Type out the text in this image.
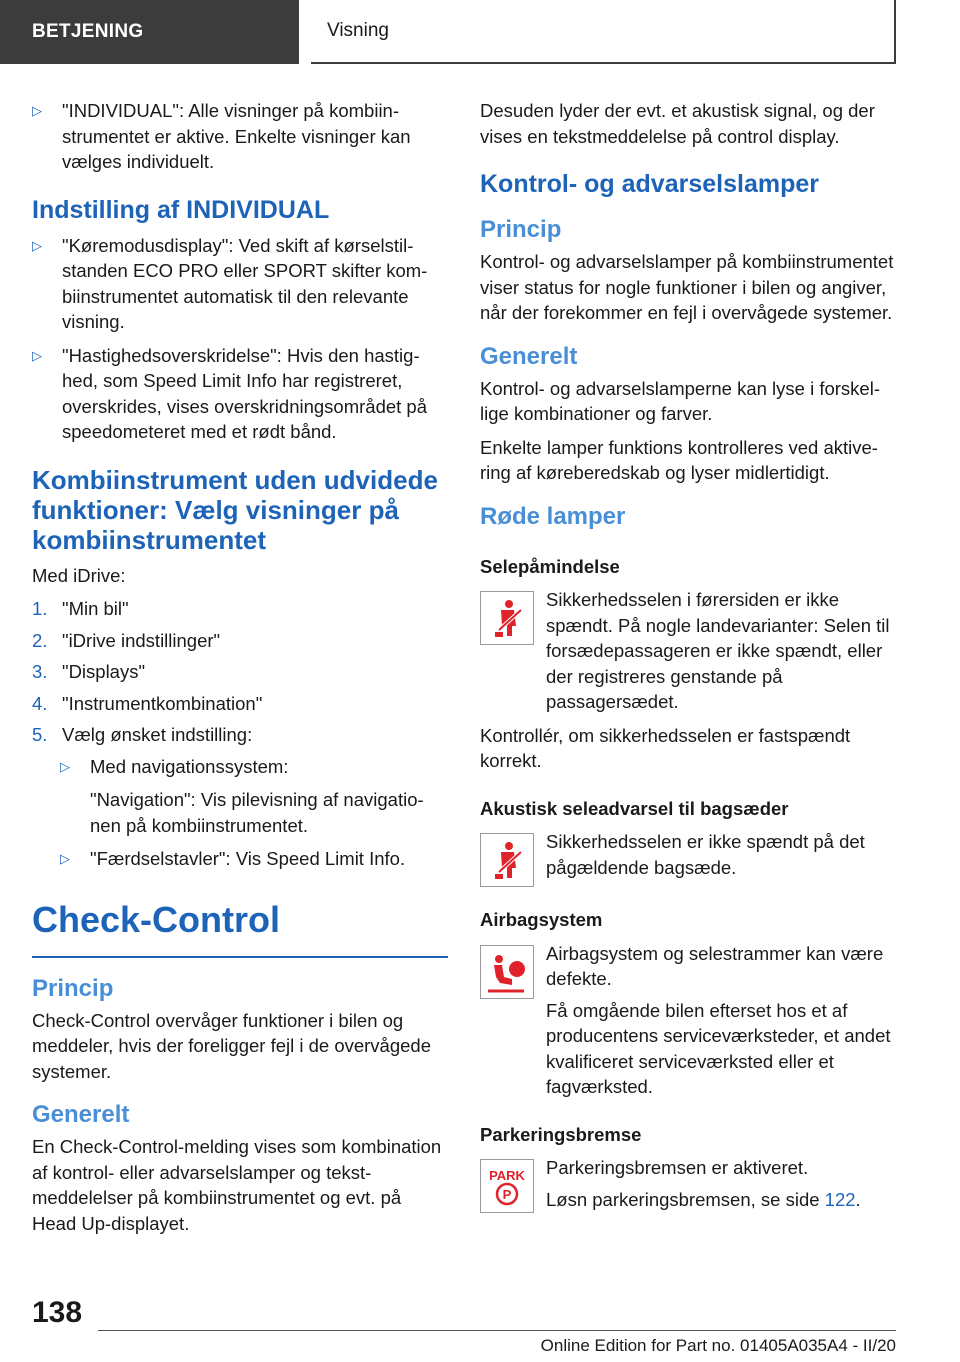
BETJENING	Visning
▷ "INDIVIDUAL": Alle visninger på kombiinstrumentet er aktive. Enkelte visninger kan vælges individuelt.
Indstilling af INDIVIDUAL
▷ "Køremodusdisplay": Ved skift af kørselstilstanden ECO PRO eller SPORT skifter kombiinstrumentet automatisk til den relevante visning.
▷ "Hastighedsoverskridelse": Hvis den hastighed, som Speed Limit Info har registreret, overskrides, vises overskridningsområdet på speedometeret med et rødt bånd.
Kombiinstrument uden udvidede funktioner: Vælg visninger på kombiinstrumentet

Med iDrive:

1. "Min bil"
2. "iDrive indstillinger"
3. "Displays"
4. "Instrumentkombination"
5. Vælg ønsket indstilling:
▷ Med navigationssystem:
"Navigation": Vis pilevisning af navigationen på kombiinstrumentet.
▷ "Færdselstavler": Vis Speed Limit Info.
Check-Control
Princip

Check-Control overvåger funktioner i bilen og meddeler, hvis der foreligger fejl i de overvågede systemer.

Generelt

En Check-Control-melding vises som kombination af kontrol- eller advarselslamper og tekstmeddelelser på kombiinstrumentet og evt. på Head Up-displayet.

Desuden lyder der evt. et akustisk signal, og der vises en tekstmeddelelse på control display.

Kontrol- og advarselslamper
Princip

Kontrol- og advarselslamper på kombiinstrumentet viser status for nogle funktioner i bilen og angiver, når der forekommer en fejl i overvågede systemer.

Generelt

Kontrol- og advarselslamperne kan lyse i forskellige kombinationer og farver.

Enkelte lamper funktions kontrolleres ved aktivering af køreberedskab og lyser midlertidigt.

Røde lamper
Selepåmindelse
Sikkerhedsselen i førersiden er ikke spændt. På nogle landevarianter: Selen til forsædepassageren er ikke spændt, eller der registreres genstande på passagersædet.

Kontrollér, om sikkerhedsselen er fastspændt korrekt.

Akustisk seleadvarsel til bagsæder
Sikkerhedsselen er ikke spændt på det pågældende bagsæde.
Airbagsystem
Airbagsystem og selestrammer kan være defekte.

Få omgående bilen efterset hos et af producentens serviceværksteder, et andet kvalificeret serviceværksted eller et fagværksted.

Parkeringsbremse
PARK
P
Parkeringsbremsen er aktiveret.

Løsn parkeringsbremsen, se side 122.

138
Online Edition for Part no. 01405A035A4 - II/20
